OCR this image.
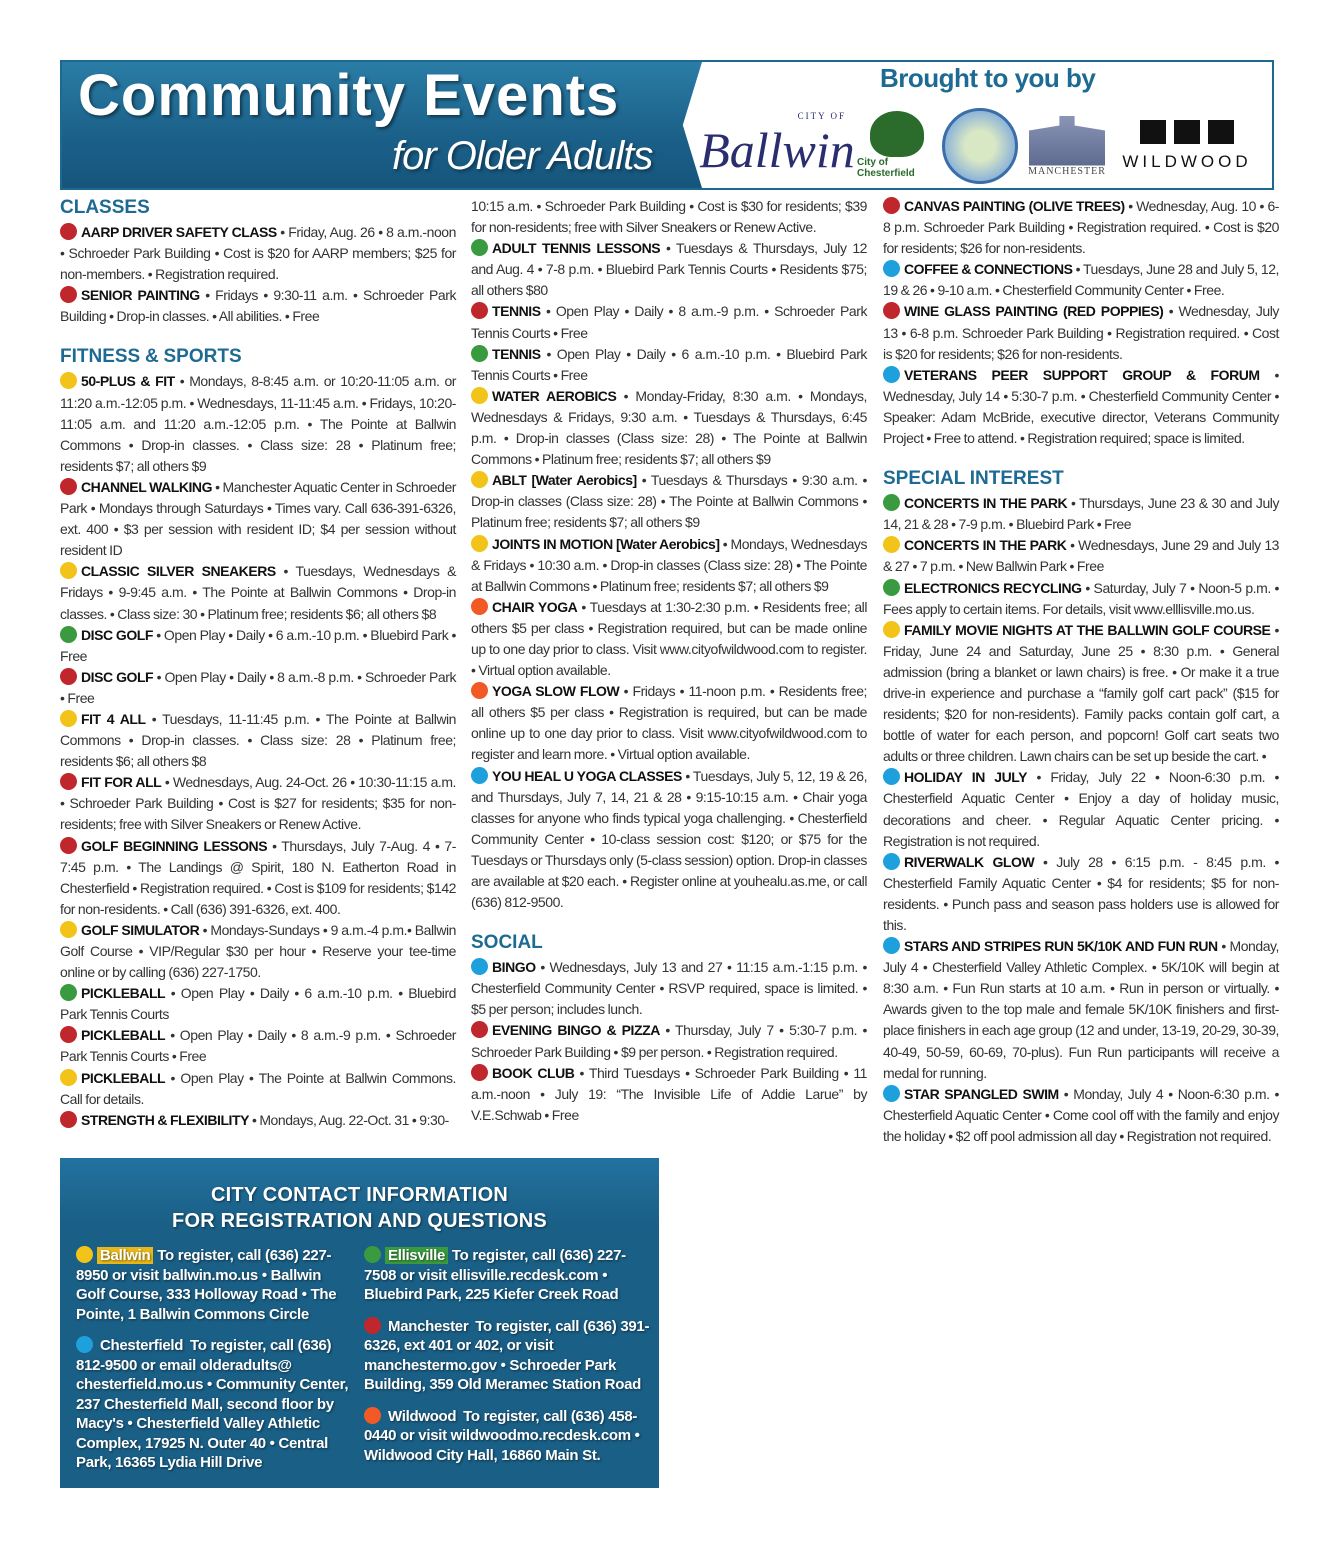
Community Events
for Older Adults
Brought to you by
CITY OF
Ballwin City of Chesterfield	MANCHESTER WILDWOOD
CLASSES

AARP DRIVER SAFETY CLASS • Friday, Aug. 26 • 8 a.m.-noon • Schroeder Park Building • Cost is $20 for AARP members; $25 for non-members. • Registration required.

SENIOR PAINTING • Fridays • 9:30-11 a.m. • Schroeder Park Building • Drop-in classes. • All abilities. • Free

FITNESS & SPORTS

50-PLUS & FIT • Mondays, 8-8:45 a.m. or 10:20-11:05 a.m. or 11:20 a.m.-12:05 p.m. • Wednesdays, 11-11:45 a.m. • Fridays, 10:20-11:05 a.m. and 11:20 a.m.-12:05 p.m. • The Pointe at Ballwin Commons • Drop-in classes. • Class size: 28 • Platinum free; residents $7; all others $9

CHANNEL WALKING • Manchester Aquatic Center in Schroeder Park • Mondays through Saturdays • Times vary. Call 636-391-6326, ext. 400 • $3 per session with resident ID; $4 per session without resident ID

CLASSIC SILVER SNEAKERS • Tuesdays, Wednesdays & Fridays • 9-9:45 a.m. • The Pointe at Ballwin Commons • Drop-in classes. • Class size: 30 • Platinum free; residents $6; all others $8

DISC GOLF • Open Play • Daily • 6 a.m.-10 p.m. • Bluebird Park • Free

DISC GOLF • Open Play • Daily • 8 a.m.-8 p.m. • Schroeder Park • Free

FIT 4 ALL • Tuesdays, 11-11:45 p.m. • The Pointe at Ballwin Commons • Drop-in classes. • Class size: 28 • Platinum free; residents $6; all others $8

FIT FOR ALL • Wednesdays, Aug. 24-Oct. 26 • 10:30-11:15 a.m. • Schroeder Park Building • Cost is $27 for residents; $35 for non-residents; free with Silver Sneakers or Renew Active.

GOLF BEGINNING LESSONS • Thursdays, July 7-Aug. 4 • 7-7:45 p.m. • The Landings @ Spirit, 180 N. Eatherton Road in Chesterfield • Registration required. • Cost is $109 for residents; $142 for non-residents. • Call (636) 391-6326, ext. 400.

GOLF SIMULATOR • Mondays-Sundays • 9 a.m.-4 p.m.• Ballwin Golf Course • VIP/Regular $30 per hour • Reserve your tee-time online or by calling (636) 227-1750.

PICKLEBALL • Open Play • Daily • 6 a.m.-10 p.m. • Bluebird Park Tennis Courts

PICKLEBALL • Open Play • Daily • 8 a.m.-9 p.m. • Schroeder Park Tennis Courts • Free

PICKLEBALL • Open Play • The Pointe at Ballwin Commons. Call for details.

STRENGTH & FLEXIBILITY • Mondays, Aug. 22-Oct. 31 • 9:30-

10:15 a.m. • Schroeder Park Building • Cost is $30 for residents; $39 for non-residents; free with Silver Sneakers or Renew Active.

ADULT TENNIS LESSONS • Tuesdays & Thursdays, July 12 and Aug. 4 • 7-8 p.m. • Bluebird Park Tennis Courts • Residents $75; all others $80

TENNIS • Open Play • Daily • 8 a.m.-9 p.m. • Schroeder Park Tennis Courts • Free

TENNIS • Open Play • Daily • 6 a.m.-10 p.m. • Bluebird Park Tennis Courts • Free

WATER AEROBICS • Monday-Friday, 8:30 a.m. • Mondays, Wednesdays & Fridays, 9:30 a.m. • Tuesdays & Thursdays, 6:45 p.m. • Drop-in classes (Class size: 28) • The Pointe at Ballwin Commons • Platinum free; residents $7; all others $9

ABLT [Water Aerobics] • Tuesdays & Thursdays • 9:30 a.m. • Drop-in classes (Class size: 28) • The Pointe at Ballwin Commons • Platinum free; residents $7; all others $9

JOINTS IN MOTION [Water Aerobics] • Mondays, Wednesdays & Fridays • 10:30 a.m. • Drop-in classes (Class size: 28) • The Pointe at Ballwin Commons • Platinum free; residents $7; all others $9

CHAIR YOGA • Tuesdays at 1:30-2:30 p.m. • Residents free; all others $5 per class • Registration required, but can be made online up to one day prior to class. Visit www.cityofwildwood.com to register. • Virtual option available.

YOGA SLOW FLOW • Fridays • 11-noon p.m. • Residents free; all others $5 per class • Registration is required, but can be made online up to one day prior to class. Visit www.cityofwildwood.com to register and learn more. • Virtual option available.

YOU HEAL U YOGA CLASSES • Tuesdays, July 5, 12, 19 & 26, and Thursdays, July 7, 14, 21 & 28 • 9:15-10:15 a.m. • Chair yoga classes for anyone who finds typical yoga challenging. • Chesterfield Community Center • 10-class session cost: $120; or $75 for the Tuesdays or Thursdays only (5-class session) option. Drop-in classes are available at $20 each. • Register online at youhealu.as.me, or call (636) 812-9500.

SOCIAL

BINGO • Wednesdays, July 13 and 27 • 11:15 a.m.-1:15 p.m. • Chesterfield Community Center • RSVP required, space is limited. • $5 per person; includes lunch.

EVENING BINGO & PIZZA • Thursday, July 7 • 5:30-7 p.m. • Schroeder Park Building • $9 per person. • Registration required.

BOOK CLUB • Third Tuesdays • Schroeder Park Building • 11 a.m.-noon • July 19: “The Invisible Life of Addie Larue” by V.E.Schwab • Free

CANVAS PAINTING (OLIVE TREES) • Wednesday, Aug. 10 • 6-8 p.m. Schroeder Park Building • Registration required. • Cost is $20 for residents; $26 for non-residents.

COFFEE & CONNECTIONS • Tuesdays, June 28 and July 5, 12, 19 & 26 • 9-10 a.m. • Chesterfield Community Center • Free.

WINE GLASS PAINTING (RED POPPIES) • Wednesday, July 13 • 6-8 p.m. Schroeder Park Building • Registration required. • Cost is $20 for residents; $26 for non-residents.

VETERANS PEER SUPPORT GROUP & FORUM • Wednesday, July 14 • 5:30-7 p.m. • Chesterfield Community Center • Speaker: Adam McBride, executive director, Veterans Community Project • Free to attend. • Registration required; space is limited.

SPECIAL INTEREST

CONCERTS IN THE PARK • Thursdays, June 23 & 30 and July 14, 21 & 28 • 7-9 p.m. • Bluebird Park • Free

CONCERTS IN THE PARK • Wednesdays, June 29 and July 13 & 27 • 7 p.m. • New Ballwin Park • Free

ELECTRONICS RECYCLING • Saturday, July 7 • Noon-5 p.m. • Fees apply to certain items. For details, visit www.elllisville.mo.us.

FAMILY MOVIE NIGHTS AT THE BALLWIN GOLF COURSE • Friday, June 24 and Saturday, June 25 • 8:30 p.m. • General admission (bring a blanket or lawn chairs) is free. • Or make it a true drive-in experience and purchase a “family golf cart pack” ($15 for residents; $20 for non-residents). Family packs contain golf cart, a bottle of water for each person, and popcorn! Golf cart seats two adults or three children. Lawn chairs can be set up beside the cart. •

HOLIDAY IN JULY • Friday, July 22 • Noon-6:30 p.m. • Chesterfield Aquatic Center • Enjoy a day of holiday music, decorations and cheer. • Regular Aquatic Center pricing. • Registration is not required.

RIVERWALK GLOW • July 28 • 6:15 p.m. - 8:45 p.m. • Chesterfield Family Aquatic Center • $4 for residents; $5 for non-residents. • Punch pass and season pass holders use is allowed for this.

STARS AND STRIPES RUN 5K/10K AND FUN RUN • Monday, July 4 • Chesterfield Valley Athletic Complex. • 5K/10K will begin at 8:30 a.m. • Fun Run starts at 10 a.m. • Run in person or virtually. • Awards given to the top male and female 5K/10K finishers and first-place finishers in each age group (12 and under, 13-19, 20-29, 30-39, 40-49, 50-59, 60-69, 70-plus). Fun Run participants will receive a medal for running.

STAR SPANGLED SWIM • Monday, July 4 • Noon-6:30 p.m. • Chesterfield Aquatic Center • Come cool off with the family and enjoy the holiday • $2 off pool admission all day • Registration not required.

CITY CONTACT INFORMATION
FOR REGISTRATION AND QUESTIONS

Ballwin To register, call (636) 227-8950 or visit ballwin.mo.us • Ballwin Golf Course, 333 Holloway Road • The Pointe, 1 Ballwin Commons Circle

Chesterfield To register, call (636) 812-9500 or email olderadults@ chesterfield.mo.us • Community Center, 237 Chesterfield Mall, second floor by Macy's • Chesterfield Valley Athletic Complex, 17925 N. Outer 40 • Central Park, 16365 Lydia Hill Drive

Ellisville To register, call (636) 227-7508 or visit ellisville.recdesk.com • Bluebird Park, 225 Kiefer Creek Road

Manchester To register, call (636) 391-6326, ext 401 or 402, or visit manchestermo.gov • Schroeder Park Building, 359 Old Meramec Station Road

Wildwood To register, call (636) 458-0440 or visit wildwoodmo.recdesk.com • Wildwood City Hall, 16860 Main St.
